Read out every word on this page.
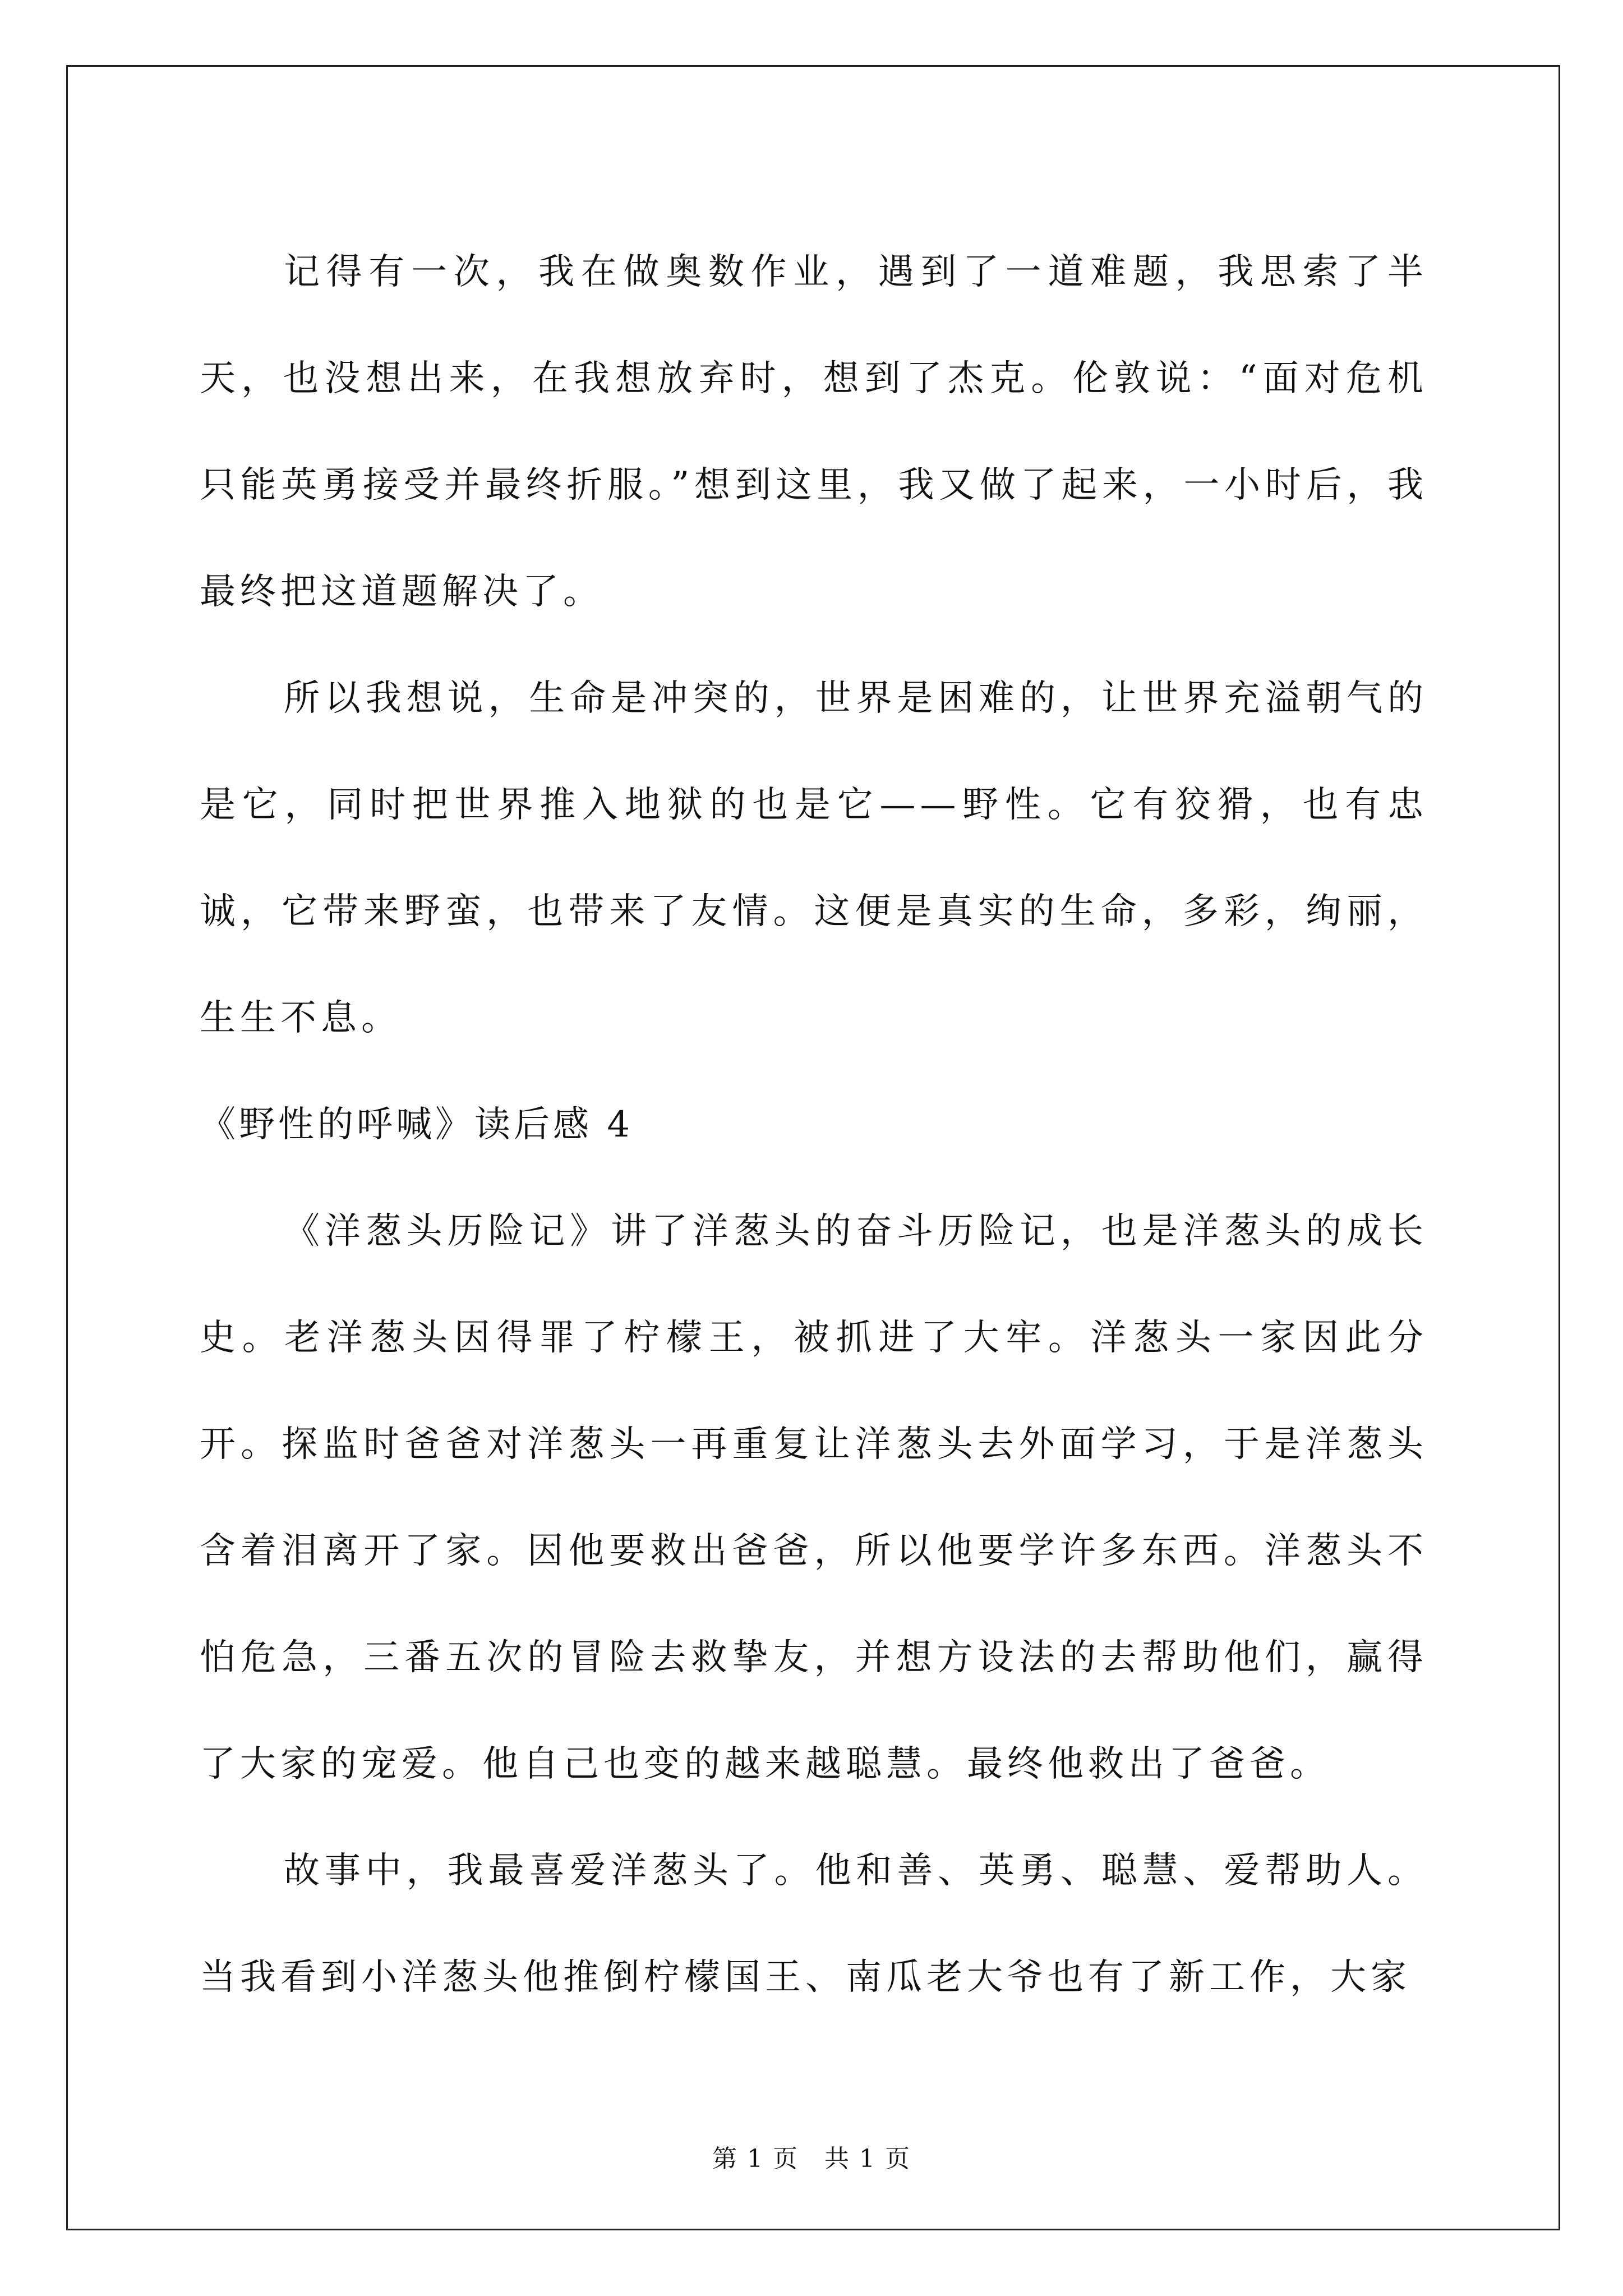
记得有一次，我在做奥数作业，遇到了一道难题，我思索了半天，也没想出来，在我想放弃时，想到了杰克。伦敦说：“面对危机只能英勇接受并最终折服。”想到这里，我又做了起来，一小时后，我最终把这道题解决了。

所以我想说，生命是冲突的，世界是困难的，让世界充溢朝气的是它，同时把世界推入地狱的也是它——野性。它有狡猾，也有忠诚，它带来野蛮，也带来了友情。这便是真实的生命，多彩，绚丽，生生不息。

《野性的呼喊》读后感 4

《洋葱头历险记》讲了洋葱头的奋斗历险记，也是洋葱头的成长史。老洋葱头因得罪了柠檬王，被抓进了大牢。洋葱头一家因此分开。探监时爸爸对洋葱头一再重复让洋葱头去外面学习，于是洋葱头含着泪离开了家。因他要救出爸爸，所以他要学许多东西。洋葱头不怕危急，三番五次的冒险去救挚友，并想方设法的去帮助他们，赢得了大家的宠爱。他自己也变的越来越聪慧。最终他救出了爸爸。

故事中，我最喜爱洋葱头了。他和善、英勇、聪慧、爱帮助人。当我看到小洋葱头他推倒柠檬国王、南瓜老大爷也有了新工作，大家

第 1 页　共 1 页
